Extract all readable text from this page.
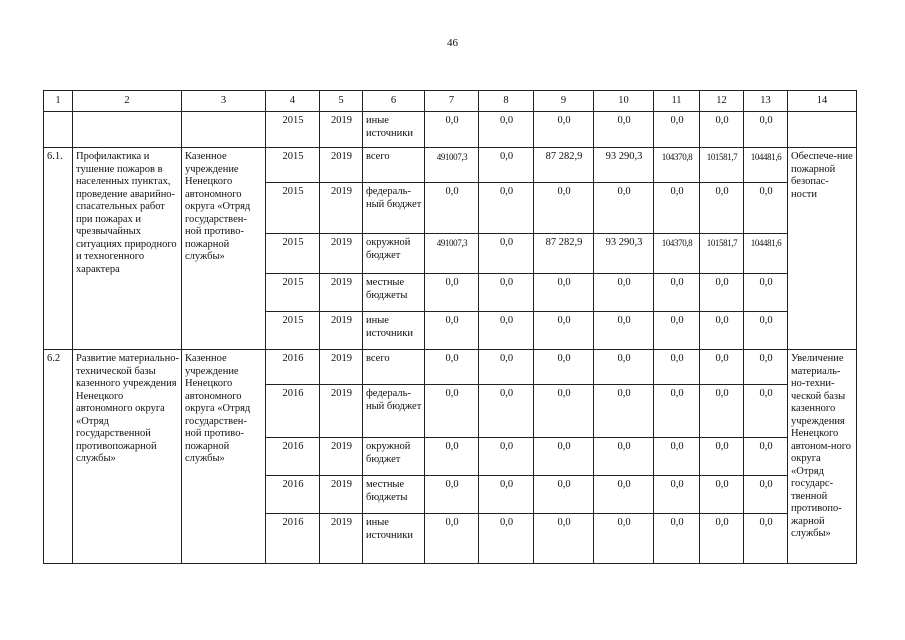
46
1	2	3	4	5	6	7	8	9	10	11	12	13	14
			2015	2019	иные источники	0,0	0,0	0,0	0,0	0,0	0,0	0,0	
6.1.	Профилактика и тушение пожаров в населенных пунктах, проведение аварийно-спасательных работ при пожарах и чрезвычайных ситуациях природного и техногенного характера	Казенное учреждение Ненецкого автономного округа «Отряд государствен-ной противо-пожарной службы»	2015	2019	всего	491007,3	0,0	87 282,9	93 290,3	104370,8	101581,7	104481,6	Обеспече-ние пожарной безопас-ности
			2015	2019	федераль-ный бюджет	0,0	0,0	0,0	0,0	0,0	0,0	0,0	
			2015	2019	окружной бюджет	491007,3	0,0	87 282,9	93 290,3	104370,8	101581,7	104481,6	
			2015	2019	местные бюджеты	0,0	0,0	0,0	0,0	0,0	0,0	0,0	
			2015	2019	иные источники	0,0	0,0	0,0	0,0	0,0	0,0	0,0	
6.2	Развитие материально-технической базы казенного учреждения Ненецкого автономного округа «Отряд государственной противопожарной службы»	Казенное учреждение Ненецкого автономного округа «Отряд государствен-ной противо-пожарной службы»	2016	2019	всего	0,0	0,0	0,0	0,0	0,0	0,0	0,0	Увеличение материаль-но-техни-ческой базы казенного учреждения Ненецкого автоном-ного округа «Отряд государс-твенной противопо-жарной службы»
			2016	2019	федераль-ный бюджет	0,0	0,0	0,0	0,0	0,0	0,0	0,0	
			2016	2019	окружной бюджет	0,0	0,0	0,0	0,0	0,0	0,0	0,0	
			2016	2019	местные бюджеты	0,0	0,0	0,0	0,0	0,0	0,0	0,0	
			2016	2019	иные источники	0,0	0,0	0,0	0,0	0,0	0,0	0,0	
